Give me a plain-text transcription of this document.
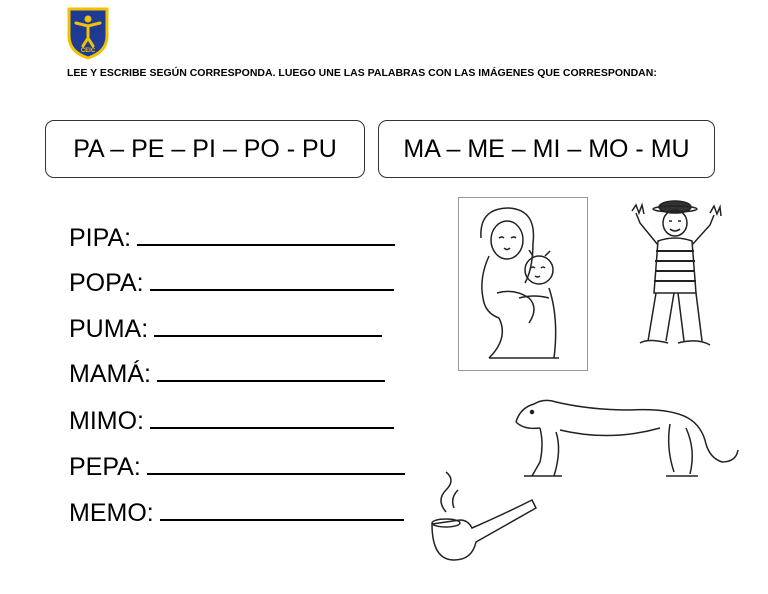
CEIC
LEE Y ESCRIBE SEGÚN CORRESPONDA. LUEGO UNE LAS PALABRAS CON LAS IMÁGENES QUE CORRESPONDAN:
PA – PE – PI – PO - PU	MA – ME – MI – MO - MU
PIPA:
POPA:
PUMA:
MAMÁ:
MIMO:
PEPA:
MEMO:
